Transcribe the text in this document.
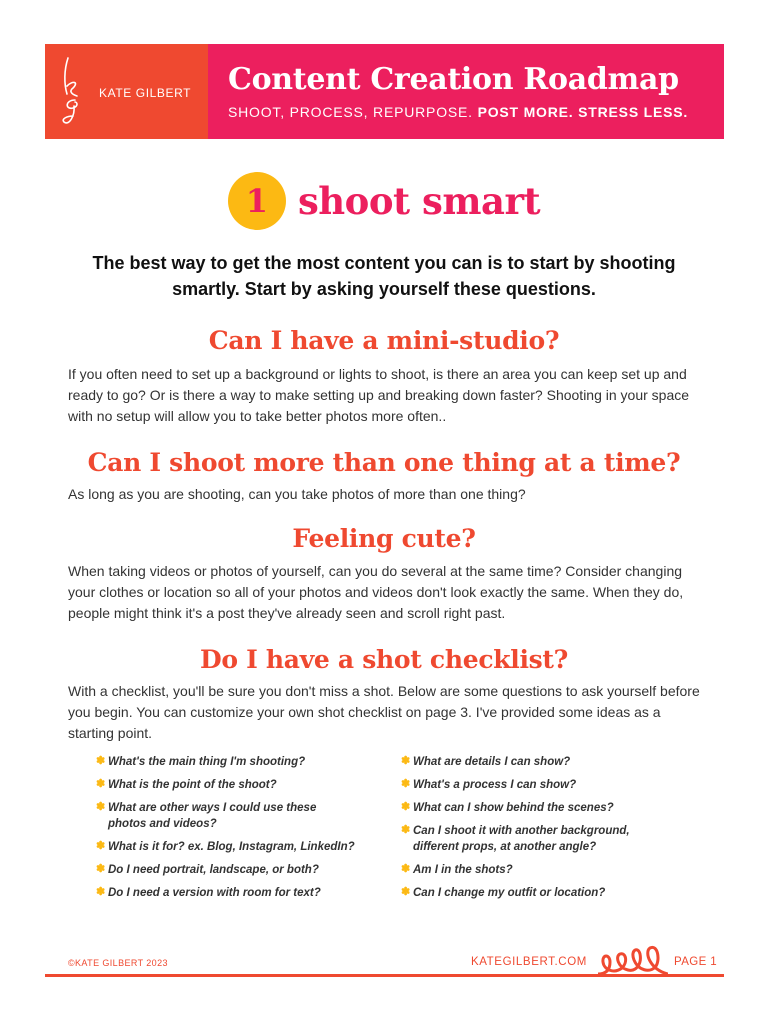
KATE GILBERT Content Creation Roadmap
SHOOT, PROCESS, REPURPOSE. POST MORE. STRESS LESS.
1 shoot smart
The best way to get the most content you can is to start by shooting smartly. Start by asking yourself these questions.
Can I have a mini-studio?
If you often need to set up a background or lights to shoot, is there an area you can keep set up and ready to go? Or is there a way to make setting up and breaking down faster? Shooting in your space with no setup will allow you to take better photos more often..
Can I shoot more than one thing at a time?
As long as you are shooting, can you take photos of more than one thing?
Feeling cute?
When taking videos or photos of yourself, can you do several at the same time? Consider changing your clothes or location so all of your photos and videos don't look exactly the same. When they do, people might think it's a post they've already seen and scroll right past.
Do I have a shot checklist?
With a checklist, you'll be sure you don't miss a shot. Below are some questions to ask yourself before you begin. You can customize your own shot checklist on page 3. I've provided some ideas as a starting point.
✽ What's the main thing I'm shooting?
✽ What is the point of the shoot?
✽ What are other ways I could use these photos and videos?
✽ What is it for? ex. Blog, Instagram, LinkedIn?
✽ Do I need portrait, landscape, or both?
✽ Do I need a version with room for text?
✽ What are details I can show?
✽ What's a process I can show?
✽ What can I show behind the scenes?
✽ Can I shoot it with another background, different props, at another angle?
✽ Am I in the shots?
✽ Can I change my outfit or location?
©KATE GILBERT 2023	KATEGILBERT.COM	PAGE 1
